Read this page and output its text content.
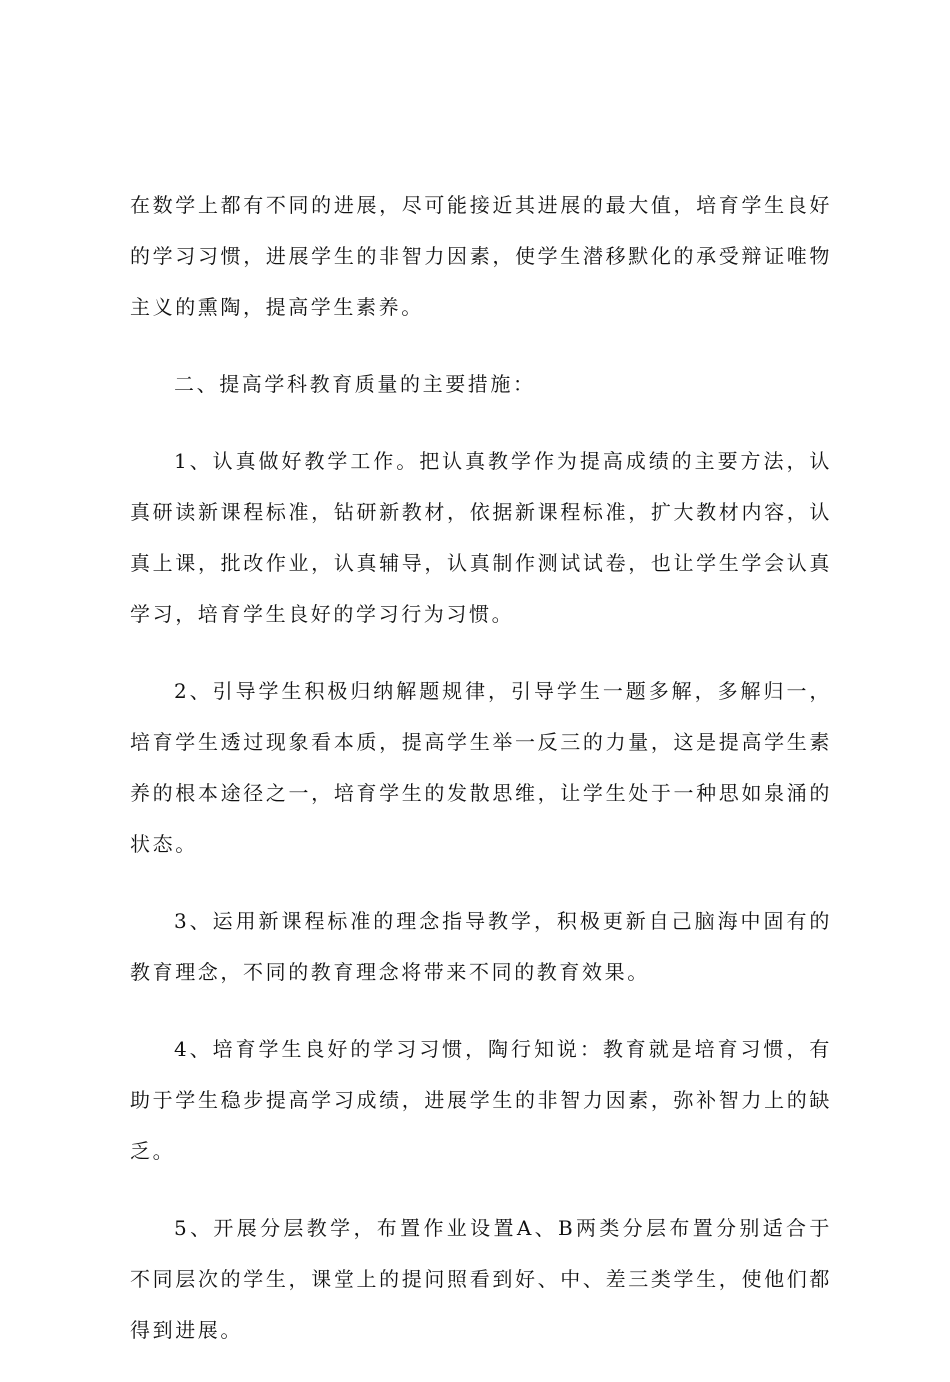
在数学上都有不同的进展，尽可能接近其进展的最大值，培育学生良好的学习习惯，进展学生的非智力因素，使学生潜移默化的承受辩证唯物主义的熏陶，提高学生素养。

二、提高学科教育质量的主要措施：

1、认真做好教学工作。把认真教学作为提高成绩的主要方法，认真研读新课程标准，钻研新教材，依据新课程标准，扩大教材内容，认真上课，批改作业，认真辅导，认真制作测试试卷，也让学生学会认真学习，培育学生良好的学习行为习惯。

2、引导学生积极归纳解题规律，引导学生一题多解，多解归一，培育学生透过现象看本质，提高学生举一反三的力量，这是提高学生素养的根本途径之一，培育学生的发散思维，让学生处于一种思如泉涌的状态。

3、运用新课程标准的理念指导教学，积极更新自己脑海中固有的教育理念，不同的教育理念将带来不同的教育效果。

4、培育学生良好的学习习惯，陶行知说：教育就是培育习惯，有助于学生稳步提高学习成绩，进展学生的非智力因素，弥补智力上的缺乏。

5、开展分层教学，布置作业设置A、B两类分层布置分别适合于不同层次的学生，课堂上的提问照看到好、中、差三类学生，使他们都得到进展。
